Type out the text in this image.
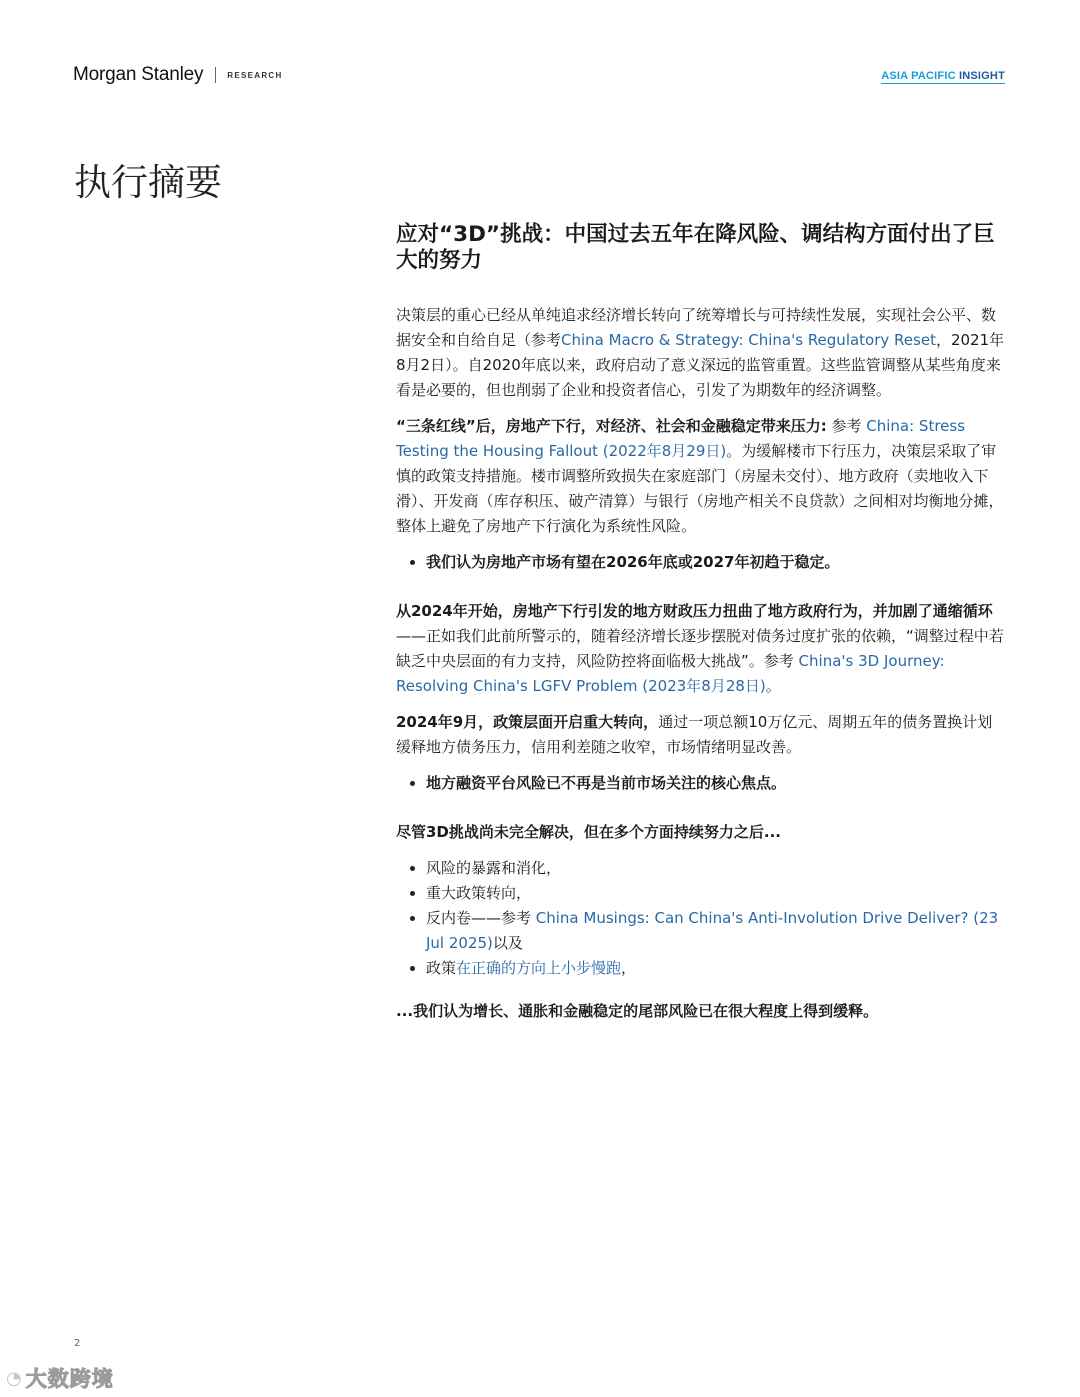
Morgan Stanley	RESEARCH	ASIA PACIFIC INSIGHT
执行摘要
应对“3D”挑战：中国过去五年在降风险、调结构方面付出了巨大的努力

决策层的重心已经从单纯追求经济增长转向了统筹增长与可持续性发展，实现社会公平、数据安全和自给自足（参考China Macro & Strategy: China's Regulatory Reset，2021年8月2日）。自2020年底以来，政府启动了意义深远的监管重置。这些监管调整从某些角度来看是必要的，但也削弱了企业和投资者信心，引发了为期数年的经济调整。

“三条红线”后，房地产下行，对经济、社会和金融稳定带来压力: 参考 China: Stress Testing the Housing Fallout (2022年8月29日)。为缓解楼市下行压力，决策层采取了审慎的政策支持措施。楼市调整所致损失在家庭部门（房屋未交付）、地方政府（卖地收入下滑）、开发商（库存积压、破产清算）与银行（房地产相关不良贷款）之间相对均衡地分摊，整体上避免了房地产下行演化为系统性风险。

• 我们认为房地产市场有望在2026年底或2027年初趋于稳定。

从2024年开始，房地产下行引发的地方财政压力扭曲了地方政府行为，并加剧了通缩循环——正如我们此前所警示的，随着经济增长逐步摆脱对债务过度扩张的依赖，“调整过程中若缺乏中央层面的有力支持，风险防控将面临极大挑战”。参考 China's 3D Journey: Resolving China's LGFV Problem (2023年8月28日)。

2024年9月，政策层面开启重大转向，通过一项总额10万亿元、周期五年的债务置换计划缓释地方债务压力，信用利差随之收窄，市场情绪明显改善。

• 地方融资平台风险已不再是当前市场关注的核心焦点。

尽管3D挑战尚未完全解决，但在多个方面持续努力之后...

• 风险的暴露和消化，
• 重大政策转向，
• 反内卷——参考 China Musings: Can China's Anti-Involution Drive Deliver? (23 Jul 2025)以及
• 政策在正确的方向上小步慢跑，

...我们认为增长、通胀和金融稳定的尾部风险已在很大程度上得到缓释。

2
◔ 大数跨境
